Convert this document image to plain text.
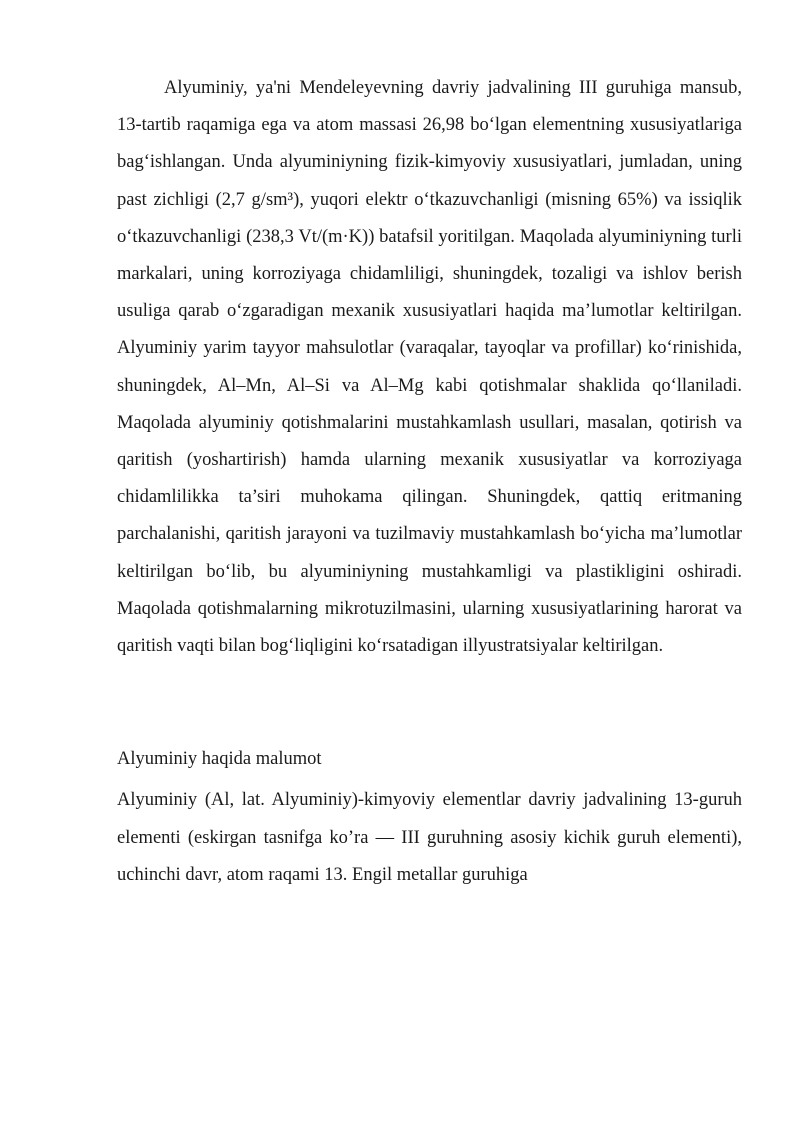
Alyuminiy, ya'ni Mendeleyevning davriy jadvalining III guruhiga mansub, 13-tartib raqamiga ega va atom massasi 26,98 bo‘lgan elementning xususiyatlariga bag‘ishlangan. Unda alyuminiyning fizik-kimyoviy xususiyatlari, jumladan, uning past zichligi (2,7 g/sm³), yuqori elektr o‘tkazuvchanligi (misning 65%) va issiqlik o‘tkazuvchanligi (238,3 Vt/(m·K)) batafsil yoritilgan. Maqolada alyuminiyning turli markalari, uning korroziyaga chidamliligi, shuningdek, tozaligi va ishlov berish usuliga qarab o‘zgaradigan mexanik xususiyatlari haqida ma’lumotlar keltirilgan. Alyuminiy yarim tayyor mahsulotlar (varaqalar, tayoqlar va profillar) ko‘rinishida, shuningdek, Al–Mn, Al–Si va Al–Mg kabi qotishmalar shaklida qo‘llaniladi. Maqolada alyuminiy qotishmalarini mustahkamlash usullari, masalan, qotirish va qaritish (yoshartirish) hamda ularning mexanik xususiyatlar va korroziyaga chidamlilikka ta’siri muhokama qilingan. Shuningdek, qattiq eritmaning parchalanishi, qaritish jarayoni va tuzilmaviy mustahkamlash bo‘yicha ma’lumotlar keltirilgan bo‘lib, bu alyuminiyning mustahkamligi va plastikligini oshiradi. Maqolada qotishmalarning mikrotuzilmasini, ularning xususiyatlarining harorat va qaritish vaqti bilan bog‘liqligini ko‘rsatadigan illyustratsiyalar keltirilgan.

Alyuminiy haqida malumot

Alyuminiy (Al, lat. Alyuminiy)-kimyoviy elementlar davriy jadvalining 13-guruh elementi (eskirgan tasnifga ko’ra — III guruhning asosiy kichik guruh elementi), uchinchi davr, atom raqami 13. Engil metallar guruhiga
